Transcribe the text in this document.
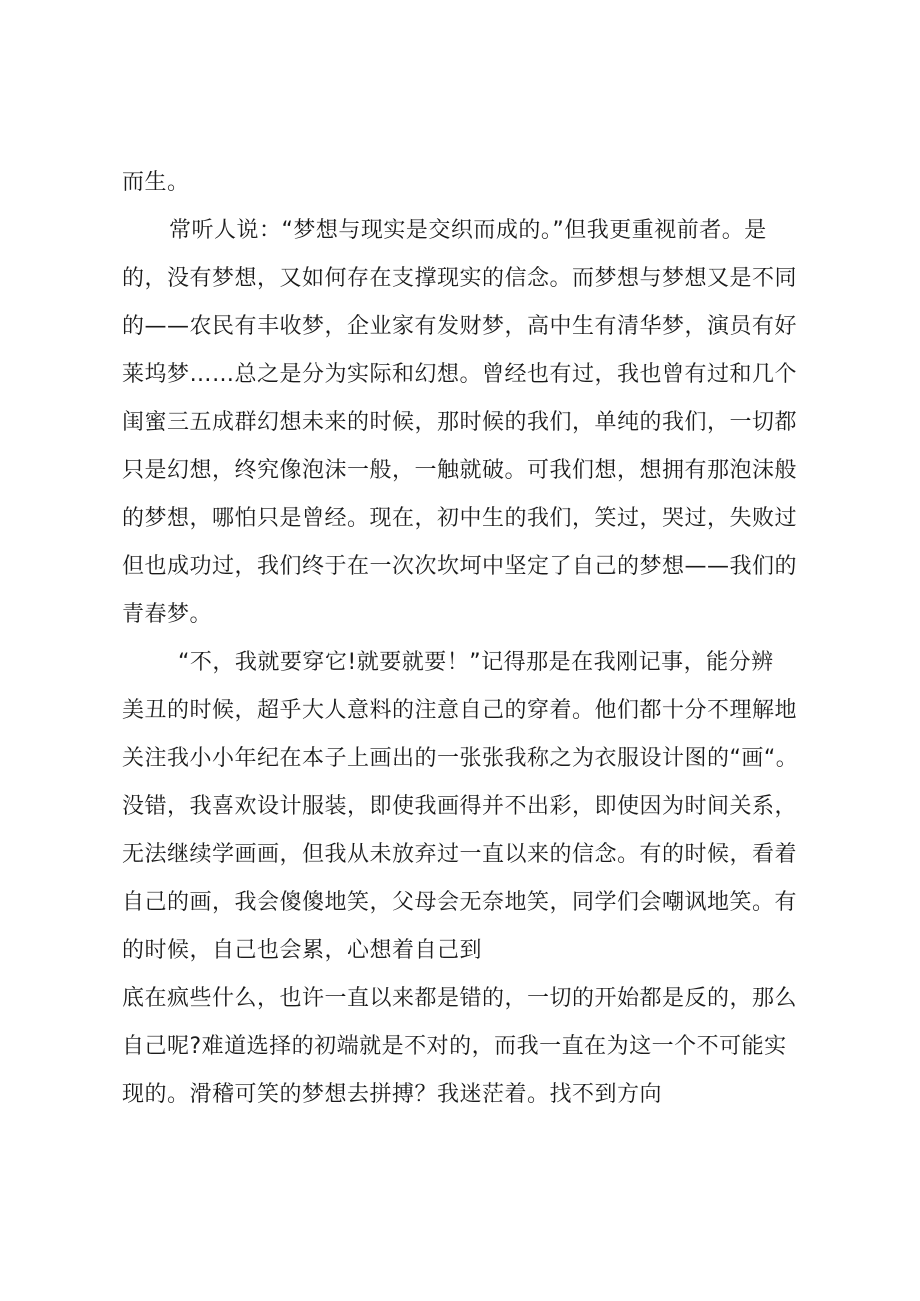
而生。

常听人说：“梦想与现实是交织而成的。”但我更重视前者。是

的，没有梦想，又如何存在支撑现实的信念。而梦想与梦想又是不同

的——农民有丰收梦，企业家有发财梦，高中生有清华梦，演员有好

莱坞梦……总之是分为实际和幻想。曾经也有过，我也曾有过和几个

闺蜜三五成群幻想未来的时候，那时候的我们，单纯的我们，一切都

只是幻想，终究像泡沫一般，一触就破。可我们想，想拥有那泡沫般

的梦想，哪怕只是曾经。现在，初中生的我们，笑过，哭过，失败过

但也成功过，我们终于在一次次坎坷中坚定了自己的梦想——我们的

青春梦。

“不，我就要穿它!就要就要！”记得那是在我刚记事，能分辨

美丑的时候，超乎大人意料的注意自己的穿着。他们都十分不理解地

关注我小小年纪在本子上画出的一张张我称之为衣服设计图的“画“。

没错，我喜欢设计服装，即使我画得并不出彩，即使因为时间关系，

无法继续学画画，但我从未放弃过一直以来的信念。有的时候，看着

自己的画，我会傻傻地笑，父母会无奈地笑，同学们会嘲讽地笑。有

的时候，自己也会累，心想着自己到

底在疯些什么，也许一直以来都是错的，一切的开始都是反的，那么

自己呢?难道选择的初端就是不对的，而我一直在为这一个不可能实

现的。滑稽可笑的梦想去拼搏？我迷茫着。找不到方向
